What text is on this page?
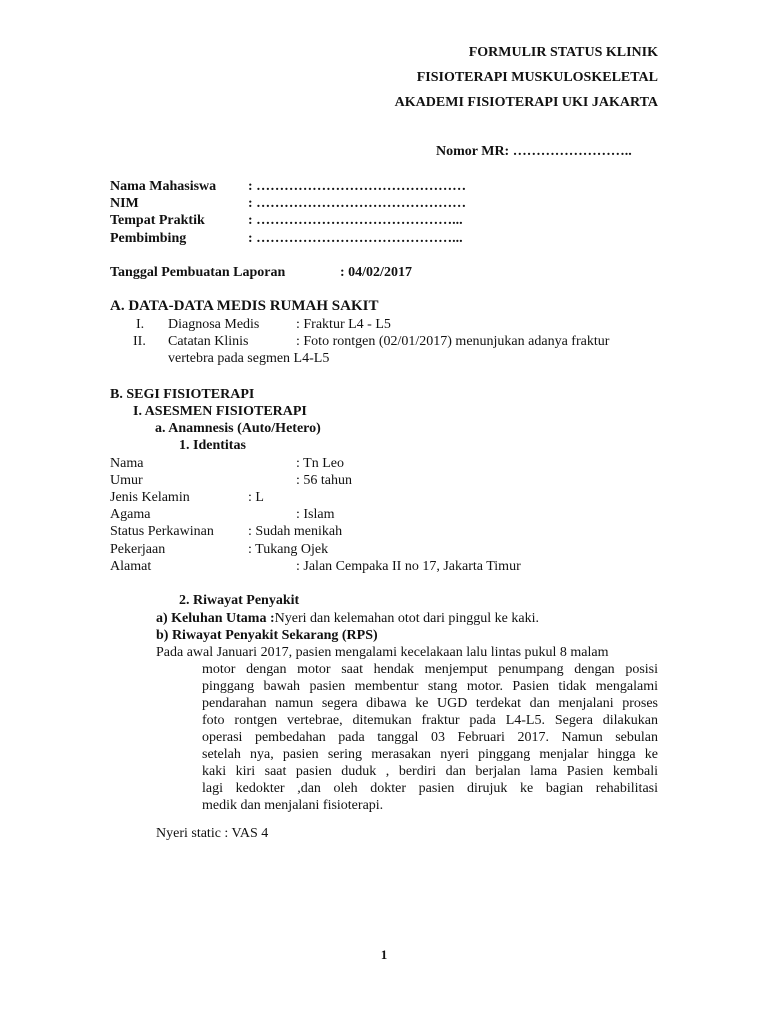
FORMULIR STATUS KLINIK
FISIOTERAPI MUSKULOSKELETAL
AKADEMI FISIOTERAPI UKI JAKARTA
Nomor MR: ……………………..
Nama Mahasiswa : ………………………………………
NIM	: ………………………………………
Tempat Praktik	: ……………………………………...
Pembimbing	: ……………………………………...
Tanggal Pembuatan Laporan	: 04/02/2017
A. DATA-DATA MEDIS RUMAH SAKIT
I. Diagnosa Medis	: Fraktur L4 - L5
II. Catatan Klinis	: Foto rontgen (02/01/2017) menunjukan adanya fraktur
vertebra pada segmen L4-L5
B. SEGI FISIOTERAPI
I. ASESMEN FISIOTERAPI
a. Anamnesis (Auto/Hetero)
1. Identitas
Nama	: Tn Leo
Umur	: 56 tahun
Jenis Kelamin	: L
Agama	: Islam
Status Perkawinan : Sudah menikah
Pekerjaan	: Tukang Ojek
Alamat	: Jalan Cempaka II no 17, Jakarta Timur
2. Riwayat Penyakit
a) Keluhan Utama :Nyeri dan kelemahan otot dari pinggul ke kaki.
b) Riwayat Penyakit Sekarang (RPS)
Pada awal Januari 2017, pasien mengalami kecelakaan lalu lintas pukul 8 malam
motor dengan motor saat hendak menjemput penumpang dengan posisi
pinggang bawah pasien membentur stang motor. Pasien tidak mengalami
pendarahan namun segera dibawa ke UGD terdekat dan menjalani proses
foto rontgen vertebrae, ditemukan fraktur pada L4-L5. Segera dilakukan
operasi pembedahan pada tanggal 03 Februari 2017. Namun sebulan
setelah nya, pasien sering merasakan nyeri pinggang menjalar hingga ke
kaki kiri saat pasien duduk , berdiri dan berjalan lama Pasien kembali
lagi kedokter ,dan oleh dokter pasien dirujuk ke bagian rehabilitasi
medik dan menjalani fisioterapi.
Nyeri static : VAS 4
1
